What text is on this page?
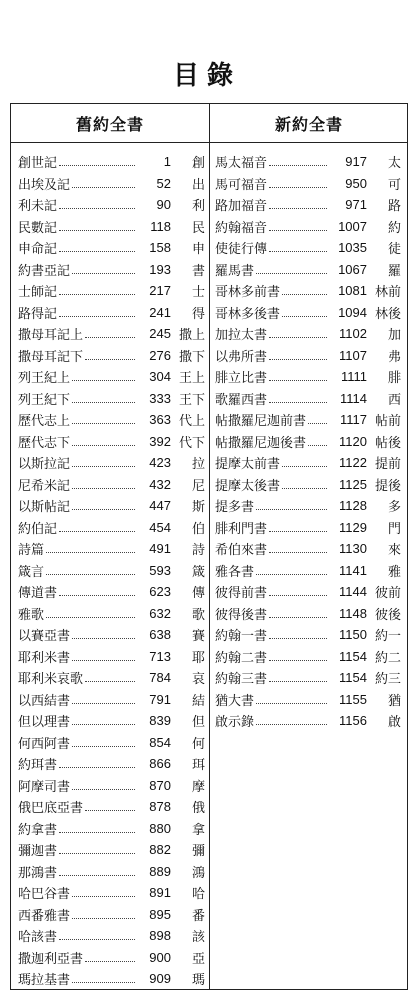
目錄
舊約全書
創世記	1	創
出埃及記	52	出
利未記	90	利
民數記	118	民
申命記	158	申
約書亞記	193	書
士師記	217	士
路得記	241	得
撒母耳記上	245 撒上
撒母耳記下	276 撒下
列王紀上	304 王上
列王紀下	333 王下
歷代志上	363 代上
歷代志下	392 代下
以斯拉記	423	拉
尼希米記	432	尼
以斯帖記	447	斯
約伯記	454	伯
詩篇	491	詩
箴言	593	箴
傳道書	623	傳
雅歌	632	歌
以賽亞書	638	賽
耶利米書	713	耶
耶利米哀歌	784	哀
以西結書	791	結
但以理書	839	但
何西阿書	854	何
約珥書	866	珥
阿摩司書	870	摩
俄巴底亞書	878	俄
約拿書	880	拿
彌迦書	882	彌
那鴻書	889	鴻
哈巴谷書	891	哈
西番雅書	895	番
哈該書	898	該
撒迦利亞書	900	亞
瑪拉基書	909	瑪
新約全書
馬太福音	917	太
馬可福音	950	可
路加福音	971	路
約翰福音	1007	約
使徒行傳	1035	徒
羅馬書	1067	羅
哥林多前書	1081 林前
哥林多後書	1094 林後
加拉太書	1102	加
以弗所書	1107	弗
腓立比書	1111	腓
歌羅西書	1114	西
帖撒羅尼迦前書	1117 帖前
帖撒羅尼迦後書	1120 帖後
提摩太前書	1122 提前
提摩太後書	1125 提後
提多書	1128	多
腓利門書	1129	門
希伯來書	1130	來
雅各書	1141	雅
彼得前書	1144 彼前
彼得後書	1148 彼後
約翰一書	1150 約一
約翰二書	1154 約二
約翰三書	1154 約三
猶大書	1155	猶
啟示錄	1156	啟
